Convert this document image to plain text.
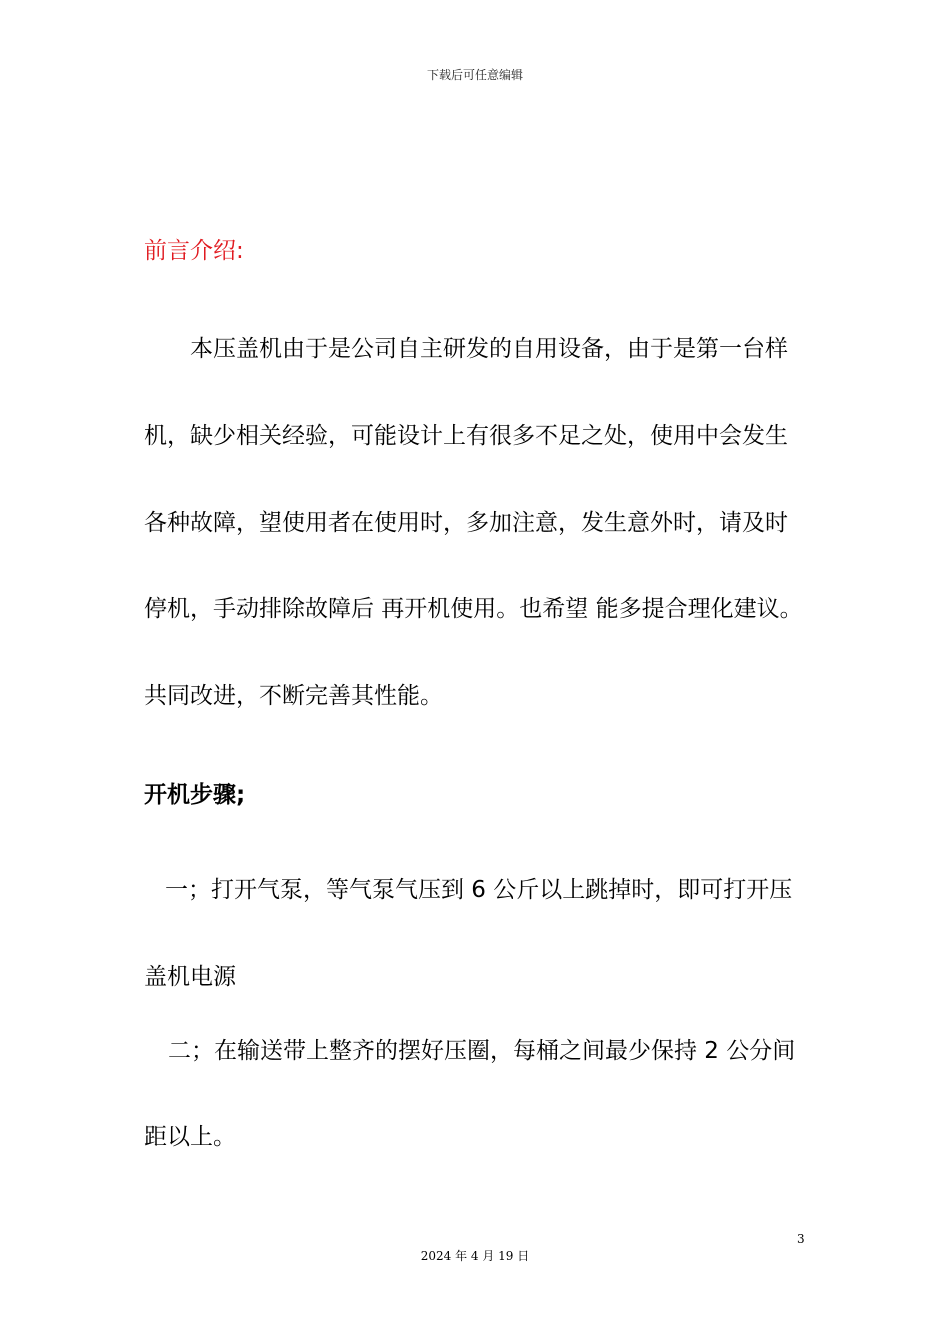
下载后可任意编辑

前言介绍:

本压盖机由于是公司自主研发的自用设备，由于是第一台样

机，缺少相关经验，可能设计上有很多不足之处，使用中会发生

各种故障，望使用者在使用时，多加注意，发生意外时，请及时

停机，手动排除故障后 再开机使用。也希望 能多提合理化建议。

共同改进，不断完善其性能。

开机步骤;

一；打开气泵，等气泵气压到 6 公斤以上跳掉时，即可打开压

盖机电源

二；在输送带上整齐的摆好压圈，每桶之间最少保持 2 公分间

距以上。

3

2024 年 4 月 19 日
